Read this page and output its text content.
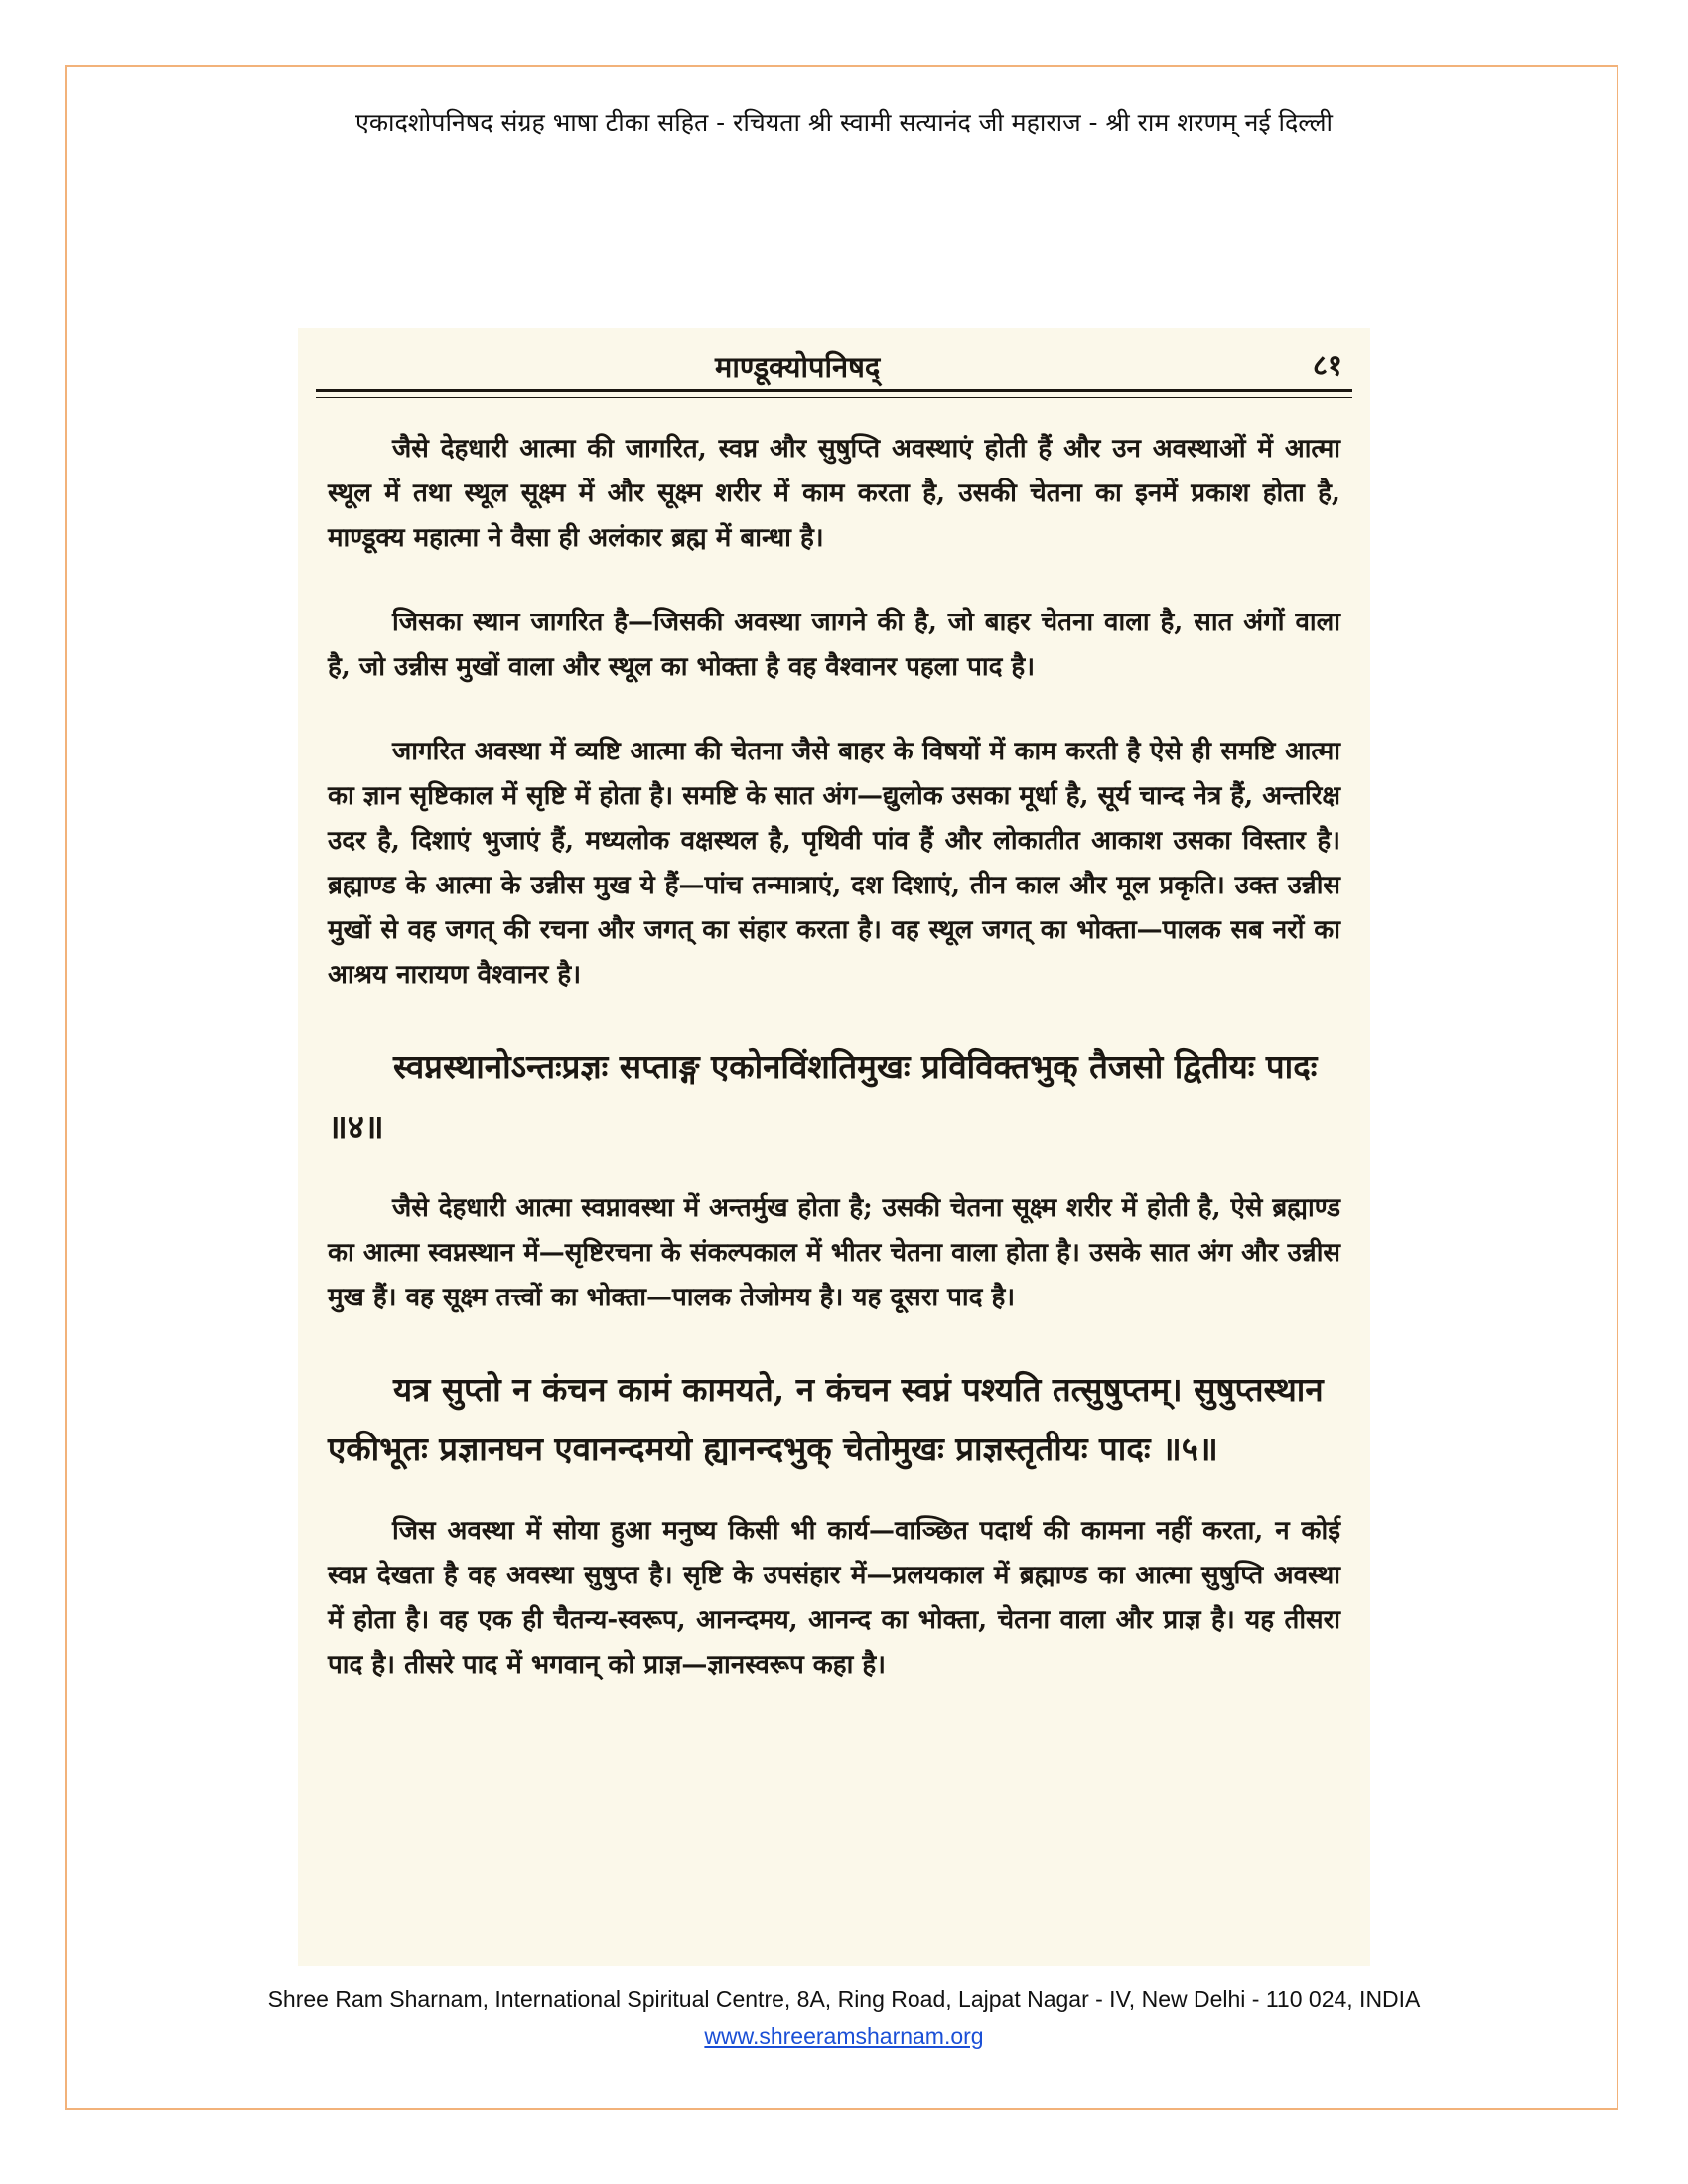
एकादशोपनिषद संग्रह भाषा टीका सहित - रचियता श्री स्वामी सत्यानंद जी महाराज - श्री राम शरणम् नई दिल्ली
माण्डूक्योपनिषद्	८१

जैसे देहधारी आत्मा की जागरित, स्वप्न और सुषुप्ति अवस्थाएं होती हैं और उन अवस्थाओं में आत्मा स्थूल में तथा स्थूल सूक्ष्म में और सूक्ष्म शरीर में काम करता है, उसकी चेतना का इनमें प्रकाश होता है, माण्डूक्य महात्मा ने वैसा ही अलंकार ब्रह्म में बान्धा है।

जिसका स्थान जागरित है—जिसकी अवस्था जागने की है, जो बाहर चेतना वाला है, सात अंगों वाला है, जो उन्नीस मुखों वाला और स्थूल का भोक्ता है वह वैश्वानर पहला पाद है।

जागरित अवस्था में व्यष्टि आत्मा की चेतना जैसे बाहर के विषयों में काम करती है ऐसे ही समष्टि आत्मा का ज्ञान सृष्टिकाल में सृष्टि में होता है। समष्टि के सात अंग—द्युलोक उसका मूर्धा है, सूर्य चान्द नेत्र हैं, अन्तरिक्ष उदर है, दिशाएं भुजाएं हैं, मध्यलोक वक्षस्थल है, पृथिवी पांव हैं और लोकातीत आकाश उसका विस्तार है। ब्रह्माण्ड के आत्मा के उन्नीस मुख ये हैं—पांच तन्मात्राएं, दश दिशाएं, तीन काल और मूल प्रकृति। उक्त उन्नीस मुखों से वह जगत् की रचना और जगत् का संहार करता है। वह स्थूल जगत् का भोक्ता—पालक सब नरों का आश्रय नारायण वैश्वानर है।

स्वप्नस्थानोऽन्तःप्रज्ञः सप्ताङ्ग एकोनविंशतिमुखः प्रविविक्तभुक् तैजसो द्वितीयः पादः ॥४॥

जैसे देहधारी आत्मा स्वप्नावस्था में अन्तर्मुख होता है; उसकी चेतना सूक्ष्म शरीर में होती है, ऐसे ब्रह्माण्ड का आत्मा स्वप्नस्थान में—सृष्टिरचना के संकल्पकाल में भीतर चेतना वाला होता है। उसके सात अंग और उन्नीस मुख हैं। वह सूक्ष्म तत्त्वों का भोक्ता—पालक तेजोमय है। यह दूसरा पाद है।

यत्र सुप्तो न कंचन कामं कामयते, न कंचन स्वप्नं पश्यति तत्सुषुप्तम्। सुषुप्तस्थान एकीभूतः प्रज्ञानघन एवानन्दमयो ह्यानन्दभुक् चेतोमुखः प्राज्ञस्तृतीयः पादः ॥५॥

जिस अवस्था में सोया हुआ मनुष्य किसी भी कार्य—वाञ्छित पदार्थ की कामना नहीं करता, न कोई स्वप्न देखता है वह अवस्था सुषुप्त है। सृष्टि के उपसंहार में—प्रलयकाल में ब्रह्माण्ड का आत्मा सुषुप्ति अवस्था में होता है। वह एक ही चैतन्य-स्वरूप, आनन्दमय, आनन्द का भोक्ता, चेतना वाला और प्राज्ञ है। यह तीसरा पाद है। तीसरे पाद में भगवान् को प्राज्ञ—ज्ञानस्वरूप कहा है।

Shree Ram Sharnam, International Spiritual Centre, 8A, Ring Road, Lajpat Nagar - IV, New Delhi - 110 024, INDIA
www.shreeramsharnam.org
